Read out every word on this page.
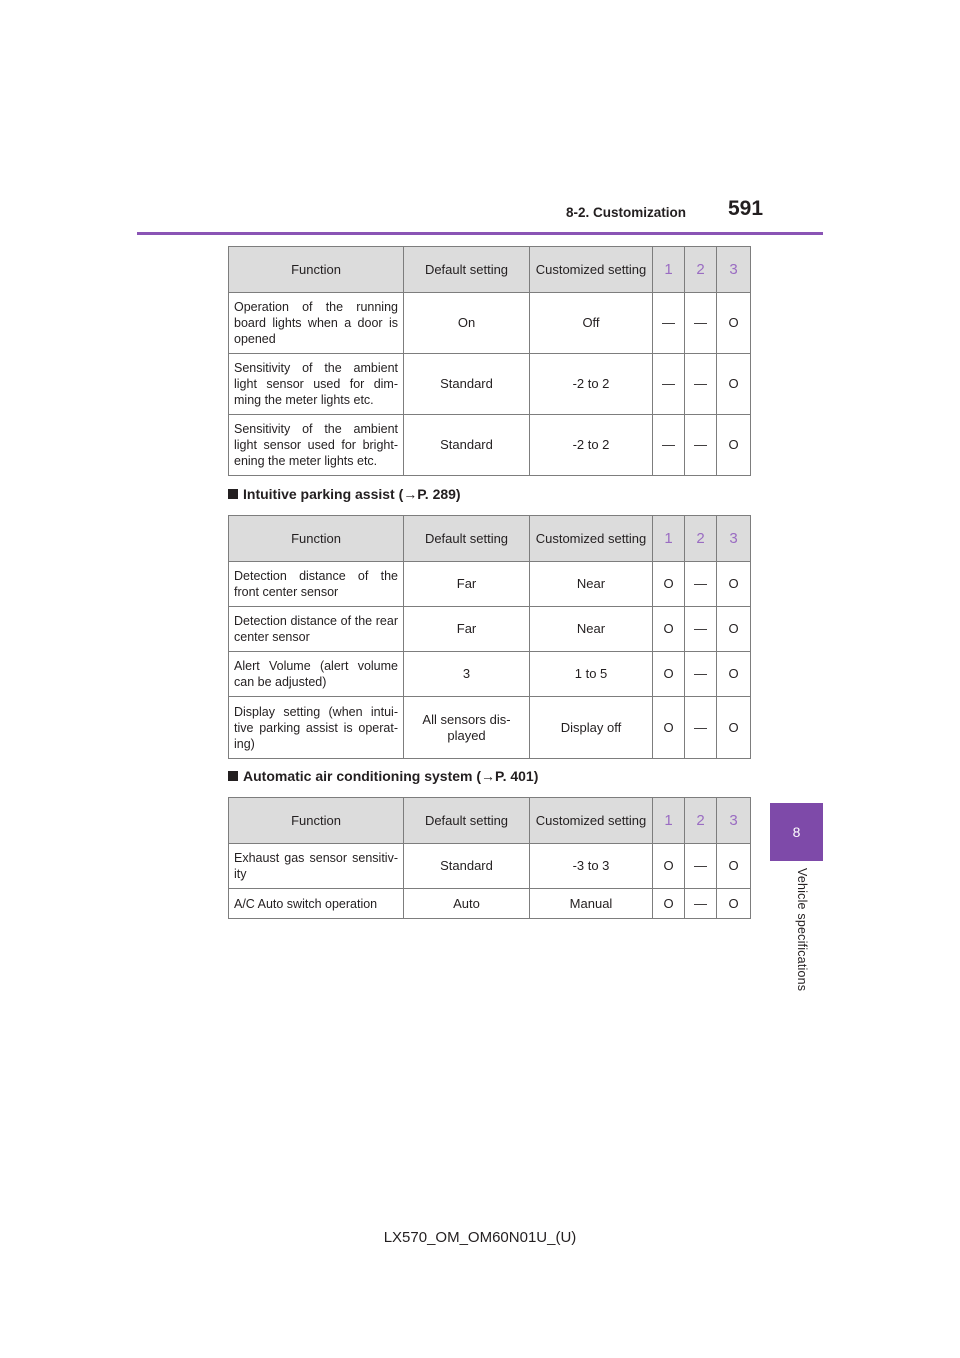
8-2. Customization 591
8
Vehicle specifications
Function	Default setting	Customized setting	1	2	3
Operation of the running board lights when a door is opened	On	Off	—	—	O
Sensitivity of the ambient light sensor used for dim-ming the meter lights etc.	Standard	-2 to 2	—	—	O
Sensitivity of the ambient light sensor used for bright-ening the meter lights etc.	Standard	-2 to 2	—	—	O
Intuitive parking assist (→P. 289)
Function	Default setting	Customized setting	1	2	3
Detection distance of the front center sensor	Far	Near	O	—	O
Detection distance of the rear center sensor	Far	Near	O	—	O
Alert Volume (alert volume can be adjusted)	3	1 to 5	O	—	O
Display setting (when intui-tive parking assist is operat-ing)	All sensors dis-played	Display off	O	—	O
Automatic air conditioning system (→P. 401)
Function	Default setting	Customized setting	1	2	3
Exhaust gas sensor sensitiv-ity	Standard	-3 to 3	O	—	O
A/C Auto switch operation	Auto	Manual	O	—	O
LX570_OM_OM60N01U_(U)
